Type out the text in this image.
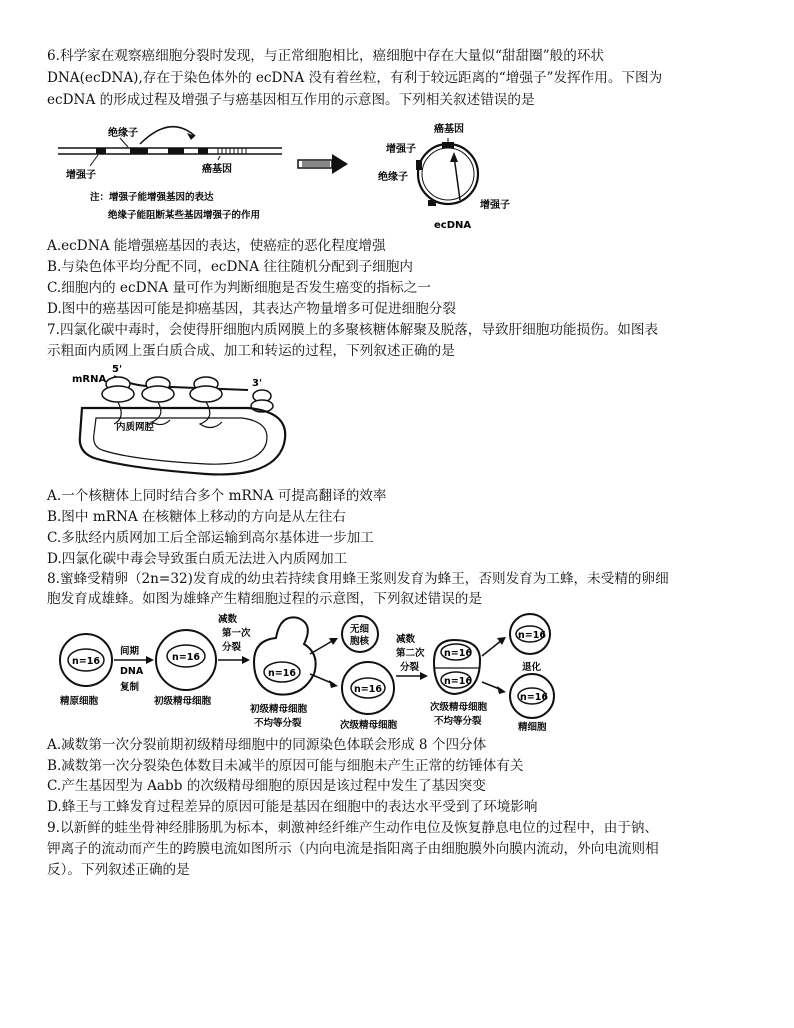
6.科学家在观察癌细胞分裂时发现，与正常细胞相比，癌细胞中存在大量似“甜甜圈”般的环状
DNA(ecDNA),存在于染色体外的 ecDNA 没有着丝粒，有利于较远距离的“增强子”发挥作用。下图为
ecDNA 的形成过程及增强子与癌基因相互作用的示意图。下列相关叙述错误的是
绝缘子
增强子
癌基因
注：增强子能增强基因的表达
绝缘子能阻断某些基因增强子的作用
癌基因
增强子
绝缘子
增强子
ecDNA
A.ecDNA 能增强癌基因的表达，使癌症的恶化程度增强
B.与染色体平均分配不同，ecDNA 往往随机分配到子细胞内
C.细胞内的 ecDNA 量可作为判断细胞是否发生癌变的指标之一
D.图中的癌基因可能是抑癌基因，其表达产物量增多可促进细胞分裂
7.四氯化碳中毒时，会使得肝细胞内质网膜上的多聚核糖体解聚及脱落，导致肝细胞功能损伤。如图表
示粗面内质网上蛋白质合成、加工和转运的过程，下列叙述正确的是
mRNA
5'
3'
内质网腔
A.一个核糖体上同时结合多个 mRNA 可提高翻译的效率
B.图中 mRNA 在核糖体上移动的方向是从左往右
C.多肽经内质网加工后全部运输到高尔基体进一步加工
D.四氯化碳中毒会导致蛋白质无法进入内质网加工
8.蜜蜂受精卵（2n=32)发育成的幼虫若持续食用蜂王浆则发育为蜂王，否则发育为工蜂，未受精的卵细
胞发育成雄蜂。如图为雄蜂产生精细胞过程的示意图，下列叙述错误的是
n=16
精原细胞
间期
DNA
复制
n=16
初级精母细胞
减数
第一次
分裂
n=16
初级精母细胞
不均等分裂
无细
胞核
n=16
次级精母细胞
减数
第二次
分裂
n=16
n=16
次级精母细胞
不均等分裂
n=16
退化
n=16
精细胞
A.减数第一次分裂前期初级精母细胞中的同源染色体联会形成 8 个四分体
B.减数第一次分裂染色体数目未减半的原因可能与细胞未产生正常的纺锤体有关
C.产生基因型为 Aabb 的次级精母细胞的原因是该过程中发生了基因突变
D.蜂王与工蜂发育过程差异的原因可能是基因在细胞中的表达水平受到了环境影响
9.以新鲜的蛙坐骨神经腓肠肌为标本，刺激神经纤维产生动作电位及恢复静息电位的过程中，由于钠、
钾离子的流动而产生的跨膜电流如图所示（内向电流是指阳离子由细胞膜外向膜内流动，外向电流则相
反）。下列叙述正确的是
